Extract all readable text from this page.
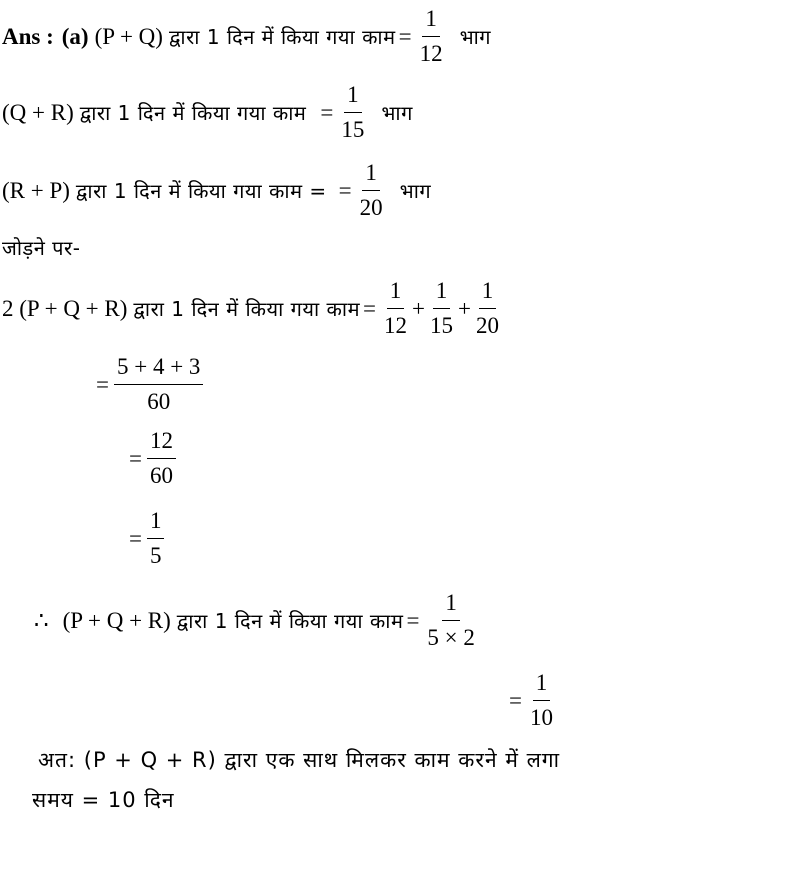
Ans : (a) (P + Q) द्वारा 1 दिन में किया गया काम = $\frac{1}{12}$ भाग
(Q + R) द्वारा 1 दिन में किया गया काम = $\frac{1}{15}$ भाग
(R + P) द्वारा 1 दिन में किया गया काम = = $\frac{1}{20}$ भाग
जोड़ने पर-
2 (P + Q + R) द्वारा 1 दिन में किया गया काम = $\frac{1}{12} + \frac{1}{15} + \frac{1}{20}$
= $\frac{5 + 4 + 3}{60}$
= $\frac{12}{60}$
= $\frac{1}{5}$
∴ (P + Q + R) द्वारा 1 दिन में किया गया काम = $\frac{1}{5 \times 2}$
= $\frac{1}{10}$
अत: (P + Q + R) द्वारा एक साथ मिलकर काम करने में लगा
समय = 10 दिन
